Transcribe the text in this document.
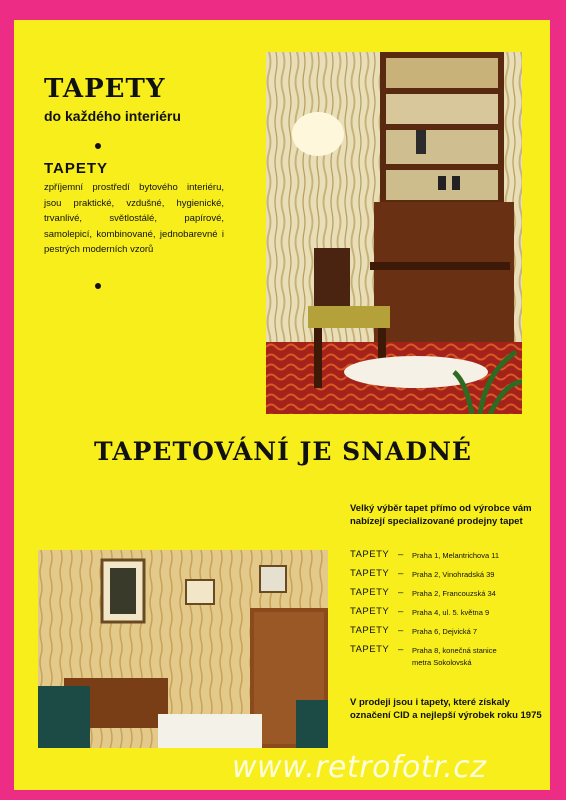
TAPETY

do každého interiéru

TAPETY

zpříjemní prostředí bytového interiéru, jsou praktické, vzdušné, hygienické, trvanlivé, světlostálé, papírové, samolepicí, kombinované, jednobarevné i pestrých moderních vzorů

TAPETOVÁNÍ JE SNADNÉ

Velký výběr tapet přímo od výrobce vám nabízejí specializované prodejny tapet

TAPETY – Praha 1, Melantrichova 11
TAPETY – Praha 2, Vinohradská 39
TAPETY – Praha 2, Francouzská 34
TAPETY – Praha 4, ul. 5. května 9
TAPETY – Praha 6, Dejvická 7
TAPETY – Praha 8, konečná stanice metra Sokolovská

V prodeji jsou i tapety, které získaly označení CID a nejlepší výrobek roku 1975

www.retrofotr.cz
